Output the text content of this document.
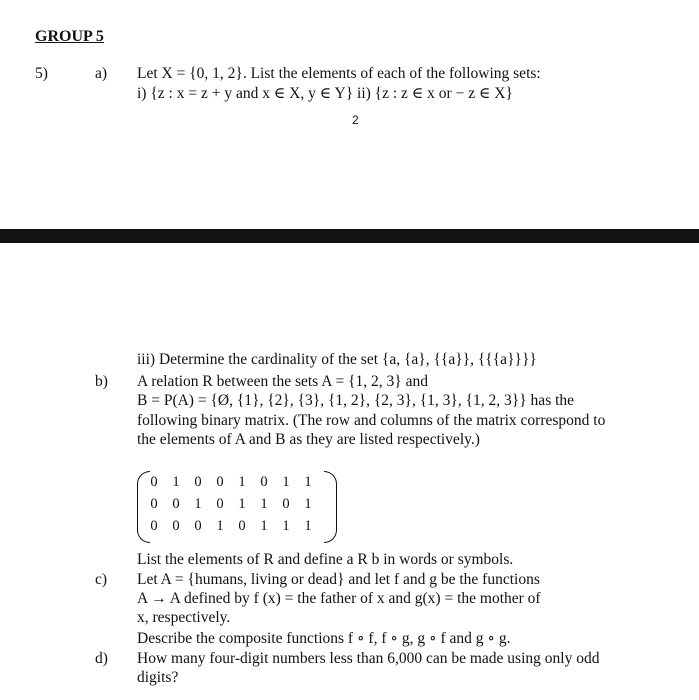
GROUP 5
5)	a) Let X = {0, 1, 2}. List the elements of each of the following sets:
i) {z : x = z + y and x ∈ X, y ∈ Y} ii) {z : z ∈ x or − z ∈ X}
2
iii) Determine the cardinality of the set {a, {a}, {{a}}, {{{a}}}}
b) A relation R between the sets A = {1, 2, 3} and
B = P(A) = {Ø, {1}, {2}, {3}, {1, 2}, {2, 3}, {1, 3}, {1, 2, 3}} has the
following binary matrix. (The row and columns of the matrix correspond to
the elements of A and B as they are listed respectively.)
0 1 0 0 1 0 1 1
0 0 1 0 1 1 0 1
0 0 0 1 0 1 1 1
List the elements of R and define a R b in words or symbols.
c) Let A = {humans, living or dead} and let f and g be the functions
A → A defined by f (x) = the father of x and g(x) = the mother of
x, respectively.
Describe the composite functions f ∘ f, f ∘ g, g ∘ f and g ∘ g.
d) How many four-digit numbers less than 6,000 can be made using only odd
digits?
